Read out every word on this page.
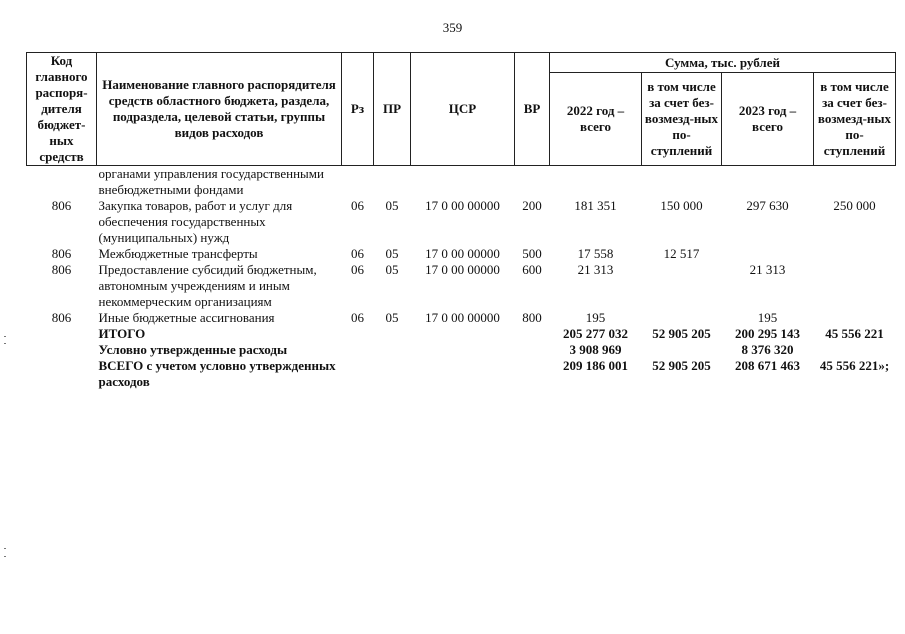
359
Код главного распоря-дителя бюджет-ных средств	Наименование главного распорядителя средств областного бюджета, раздела, подраздела, целевой статьи, группы видов расходов	Рз	ПР	ЦСР	ВР	Сумма, тыс. рублей			
						2022 год – всего	в том числе за счет без-возмезд-ных по-ступлений	2023 год – всего	в том числе за счет без-возмезд-ных по-ступлений
	органами управления государственными внебюджетными фондами								
806	Закупка товаров, работ и услуг для обеспечения государственных (муниципальных) нужд	06	05	17 0 00 00000	200	181 351	150 000	297 630	250 000
806	Межбюджетные трансферты	06	05	17 0 00 00000	500	17 558	12 517		
806	Предоставление субсидий бюджетным, автономным учреждениям и иным некоммерческим организациям	06	05	17 0 00 00000	600	21 313		21 313	
806	Иные бюджетные ассигнования	06	05	17 0 00 00000	800	195		195	
	ИТОГО					205 277 032	52 905 205	200 295 143	45 556 221
	Условно утвержденные расходы					3 908 969		8 376 320	
	ВСЕГО с учетом условно утвержденных расходов					209 186 001	52 905 205	208 671 463	45 556 221»;
